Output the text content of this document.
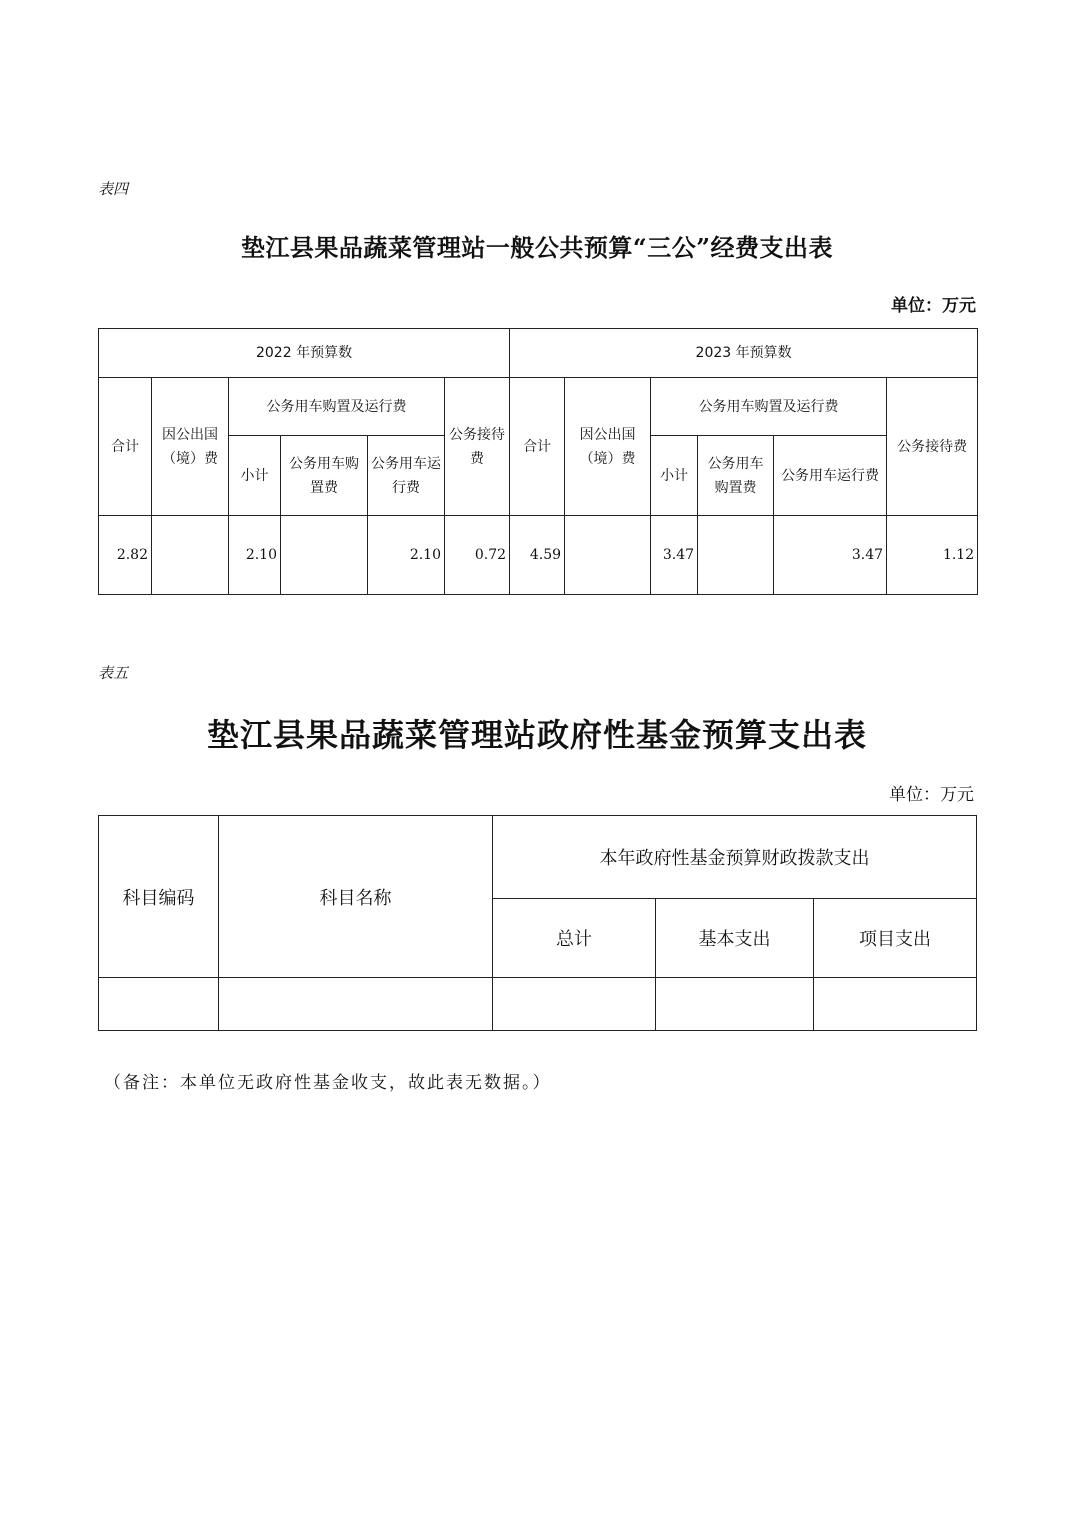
表四
垫江县果品蔬菜管理站一般公共预算“三公”经费支出表
单位：万元
2022 年预算数						2023 年预算数					
合计	因公出国（境）费	公务用车购置及运行费			公务接待费	合计	因公出国（境）费	公务用车购置及运行费			公务接待费
		小计	公务用车购置费	公务用车运行费				小计	公务用车购置费	公务用车运行费	
2.82		2.10		2.10	0.72	4.59		3.47		3.47	1.12
表五
垫江县果品蔬菜管理站政府性基金预算支出表
单位：万元
科目编码	科目名称	本年政府性基金预算财政拨款支出		
		总计	基本支出	项目支出

（备注：本单位无政府性基金收支，故此表无数据。）
